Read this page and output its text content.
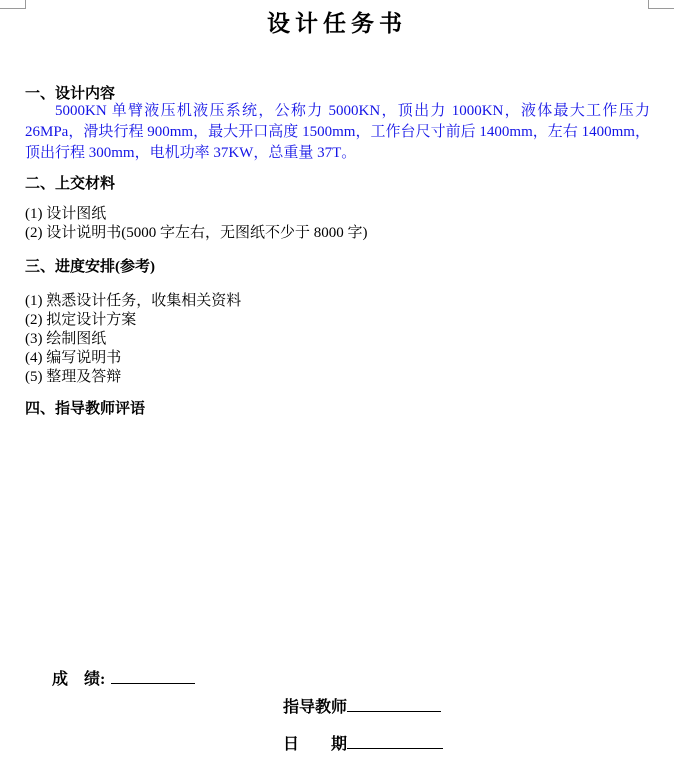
设计任务书
一、设计内容
5000KN 单臂液压机液压系统，公称力 5000KN，顶出力 1000KN，液体最大工作压力 26MPa，滑块行程 900mm，最大开口高度 1500mm，工作台尺寸前后 1400mm，左右 1400mm，顶出行程 300mm，电机功率 37KW，总重量 37T。
二、上交材料
(1) 设计图纸
(2) 设计说明书(5000 字左右，无图纸不少于 8000 字)
三、进度安排(参考)
(1) 熟悉设计任务，收集相关资料
(2) 拟定设计方案
(3) 绘制图纸
(4) 编写说明书
(5) 整理及答辩
四、指导教师评语
成　绩:
指导教师
日　　期
